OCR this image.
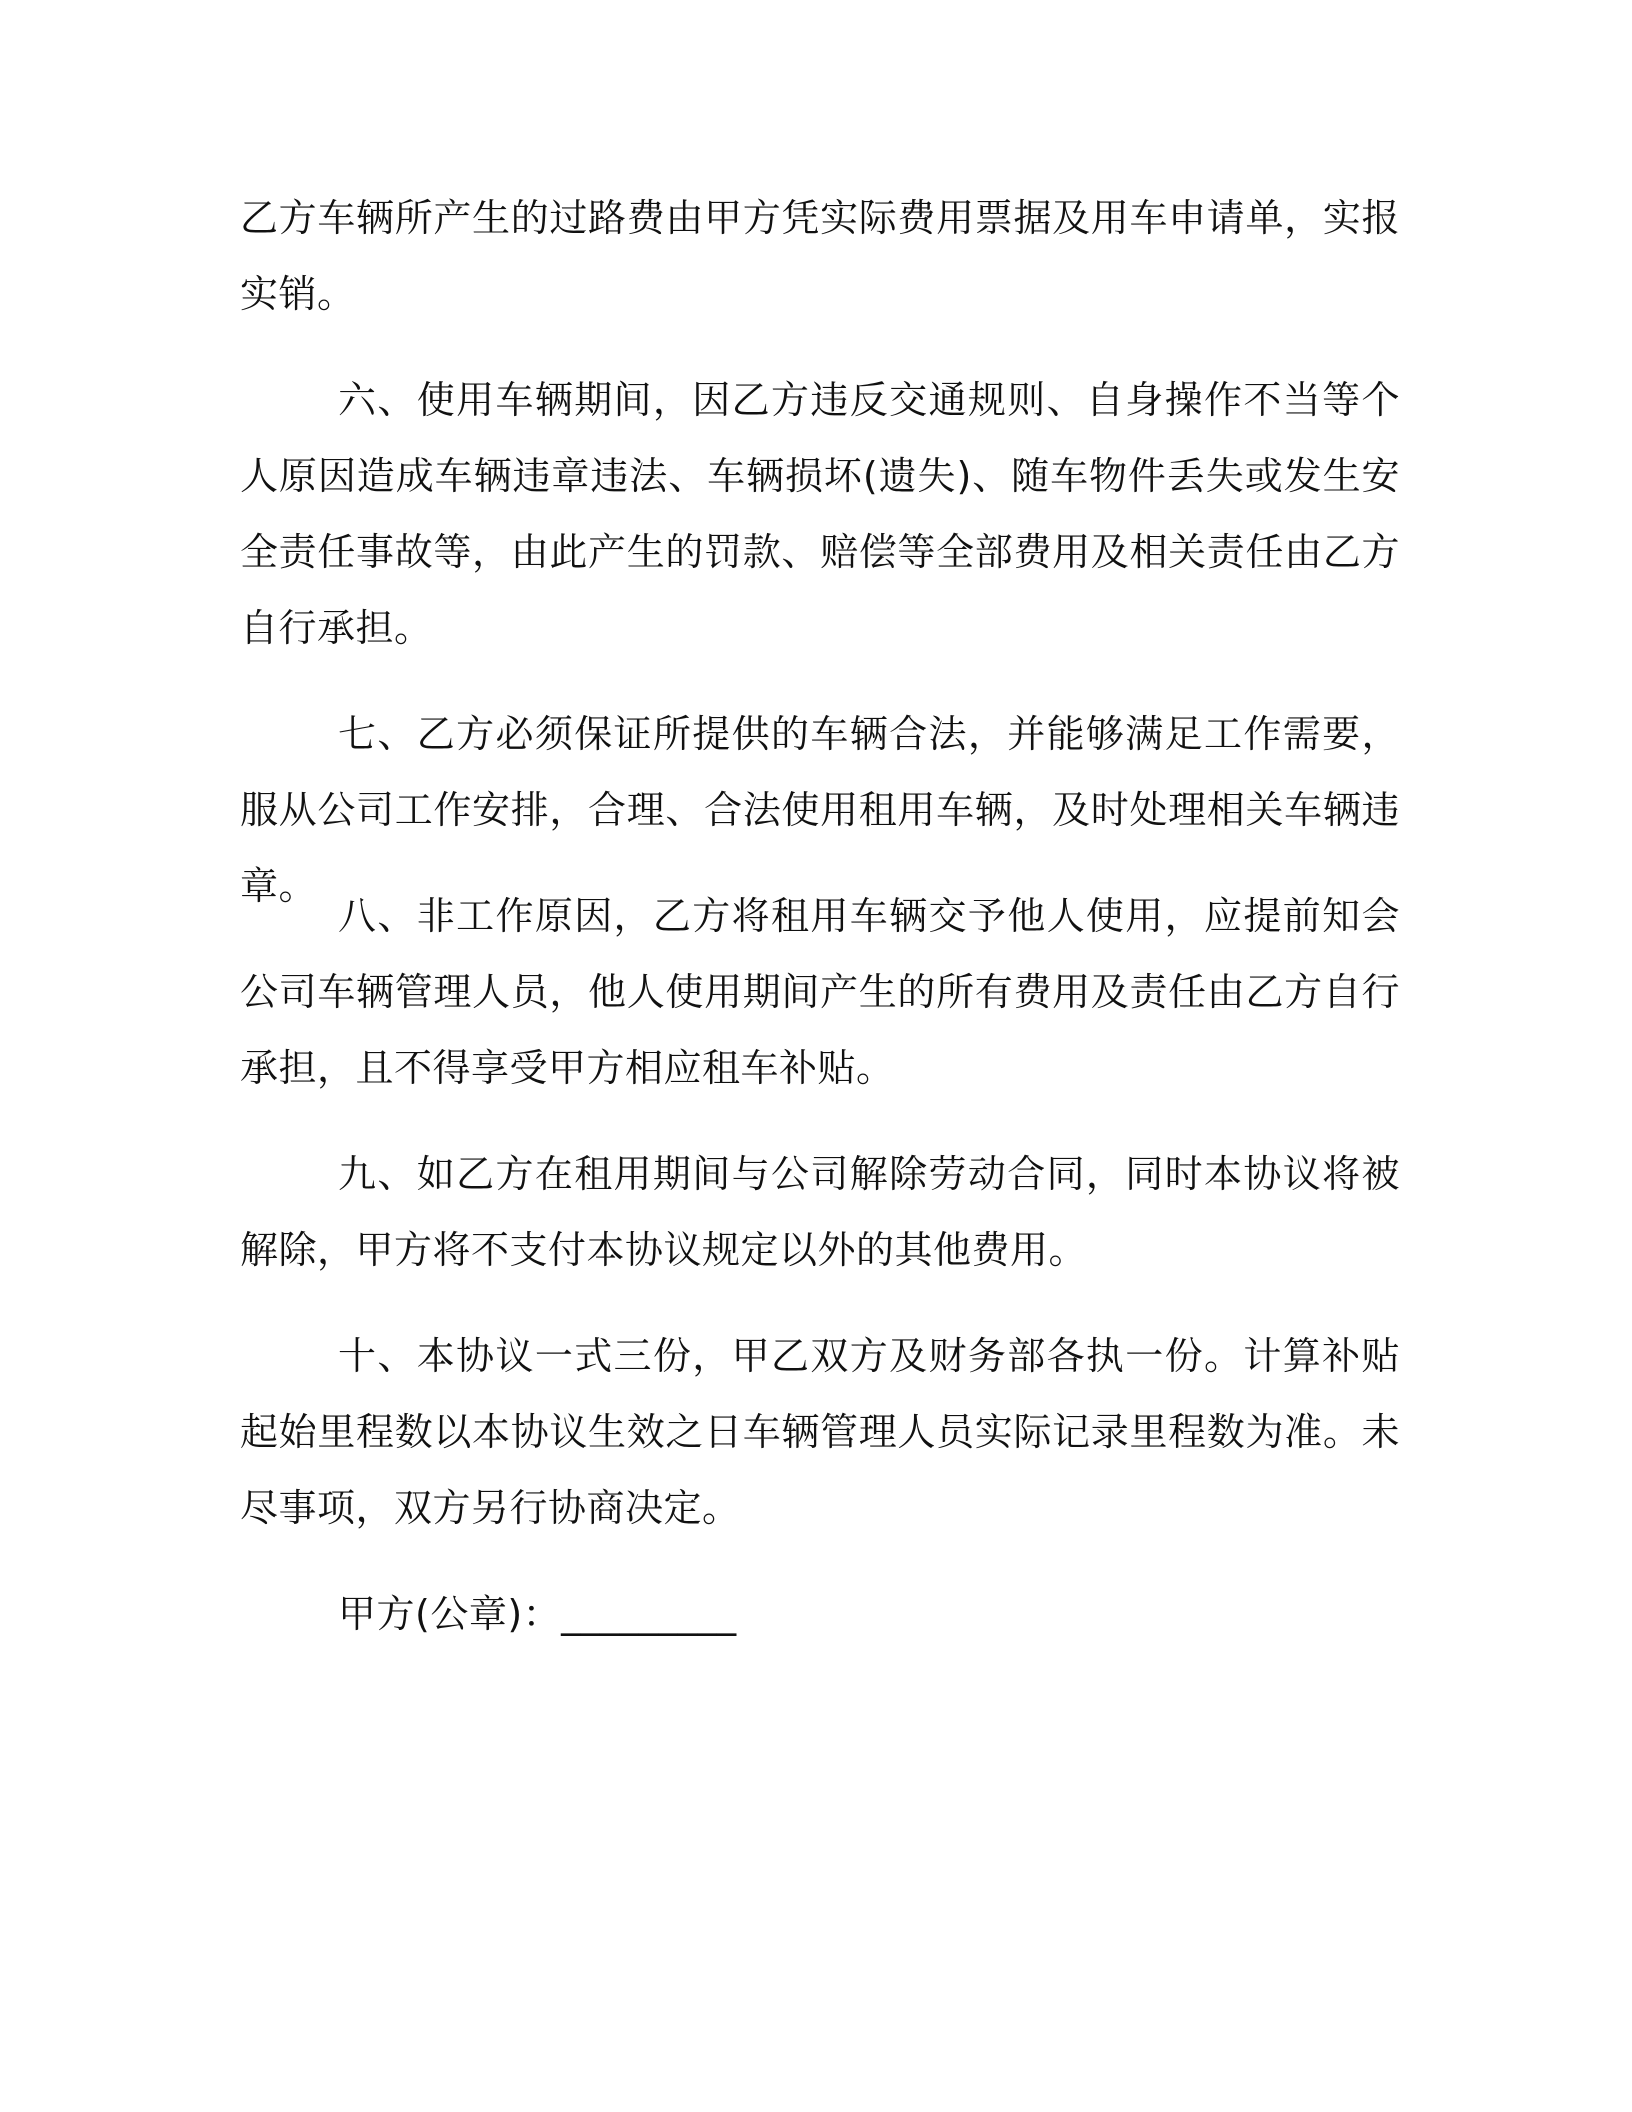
乙方车辆所产生的过路费由甲方凭实际费用票据及用车申请单，实报实销。

六、使用车辆期间，因乙方违反交通规则、自身操作不当等个人原因造成车辆违章违法、车辆损坏(遗失)、随车物件丢失或发生安全责任事故等，由此产生的罚款、赔偿等全部费用及相关责任由乙方自行承担。

七、乙方必须保证所提供的车辆合法，并能够满足工作需要，服从公司工作安排，合理、合法使用租用车辆，及时处理相关车辆违章。

八、非工作原因，乙方将租用车辆交予他人使用，应提前知会公司车辆管理人员，他人使用期间产生的所有费用及责任由乙方自行承担，且不得享受甲方相应租车补贴。

九、如乙方在租用期间与公司解除劳动合同，同时本协议将被解除，甲方将不支付本协议规定以外的其他费用。

十、本协议一式三份，甲乙双方及财务部各执一份。计算补贴起始里程数以本协议生效之日车辆管理人员实际记录里程数为准。未尽事项，双方另行协商决定。

甲方(公章)：_________
